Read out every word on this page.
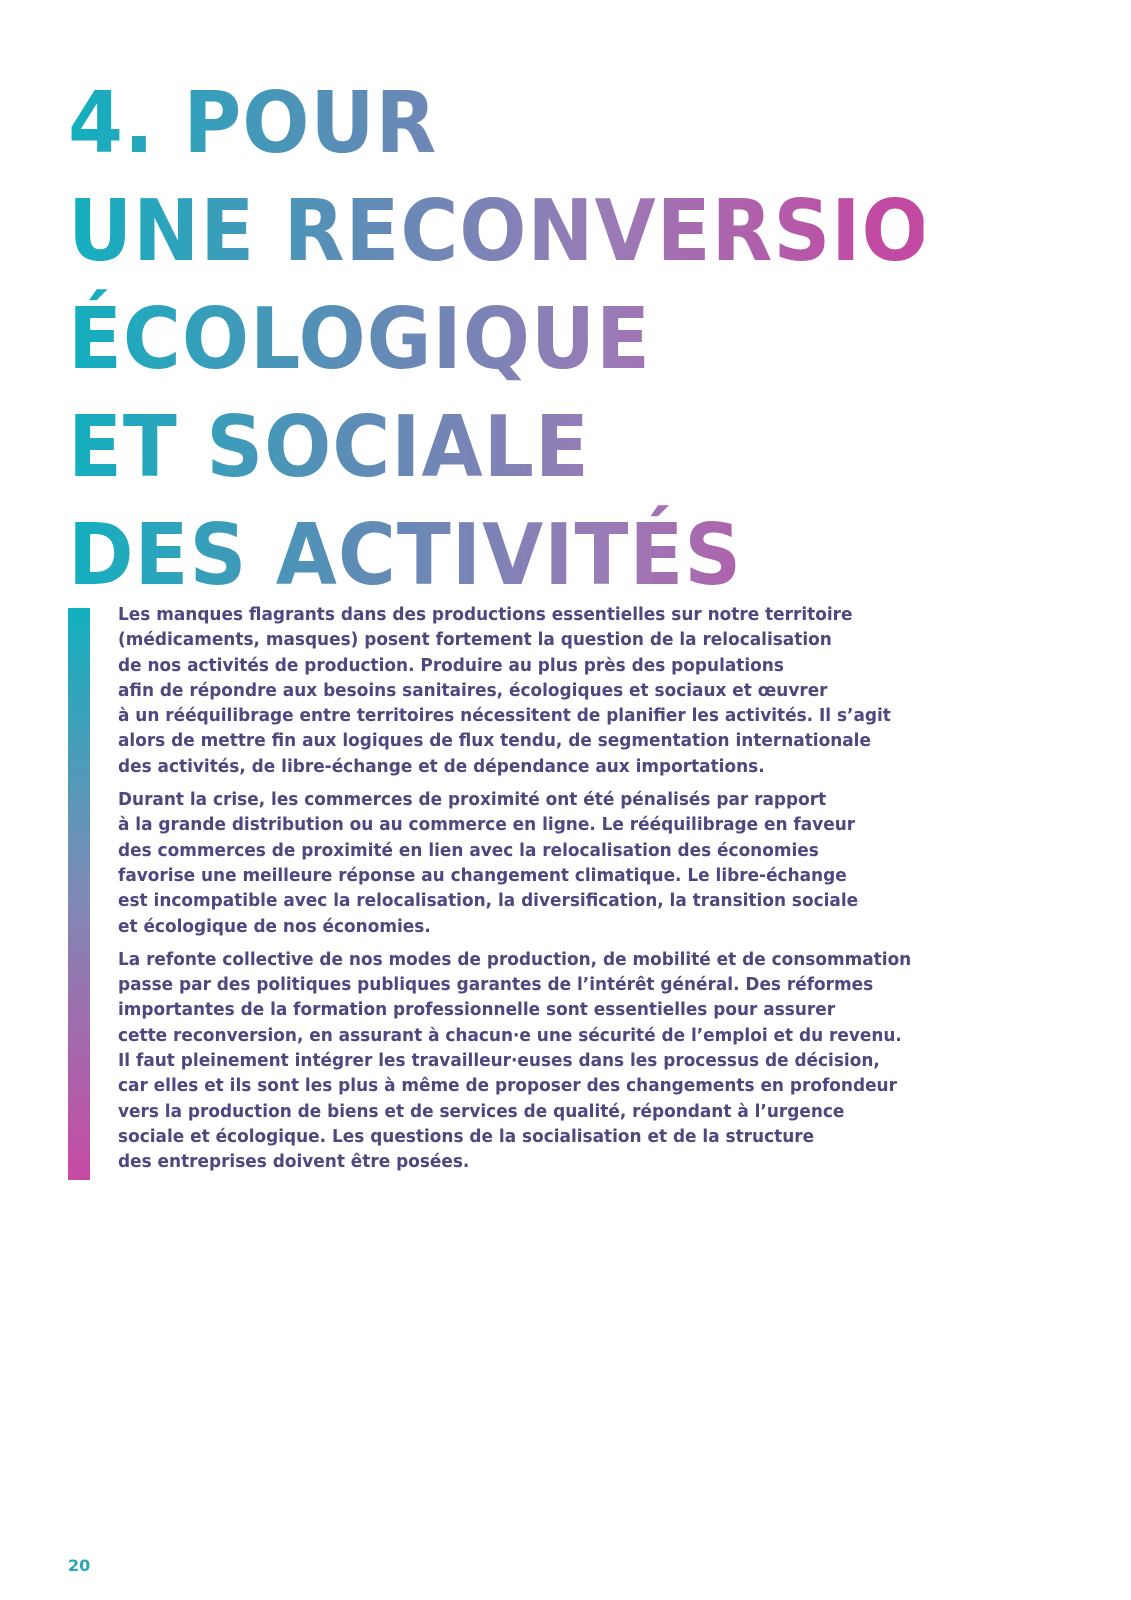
4. POUR
UNE RECONVERSION
ÉCOLOGIQUE
ET SOCIALE
DES ACTIVITÉS

Les manques flagrants dans des productions essentielles sur notre territoire
(médicaments, masques) posent fortement la question de la relocalisation
de nos activités de production. Produire au plus près des populations
afin de répondre aux besoins sanitaires, écologiques et sociaux et œuvrer
à un rééquilibrage entre territoires nécessitent de planifier les activités. Il s’agit
alors de mettre fin aux logiques de flux tendu, de segmentation internationale
des activités, de libre-échange et de dépendance aux importations.

Durant la crise, les commerces de proximité ont été pénalisés par rapport
à la grande distribution ou au commerce en ligne. Le rééquilibrage en faveur
des commerces de proximité en lien avec la relocalisation des économies
favorise une meilleure réponse au changement climatique. Le libre-échange
est incompatible avec la relocalisation, la diversification, la transition sociale
et écologique de nos économies.

La refonte collective de nos modes de production, de mobilité et de consommation
passe par des politiques publiques garantes de l’intérêt général. Des réformes
importantes de la formation professionnelle sont essentielles pour assurer
cette reconversion, en assurant à chacun·e une sécurité de l’emploi et du revenu.
Il faut pleinement intégrer les travailleur·euses dans les processus de décision,
car elles et ils sont les plus à même de proposer des changements en profondeur
vers la production de biens et de services de qualité, répondant à l’urgence
sociale et écologique. Les questions de la socialisation et de la structure
des entreprises doivent être posées.

20
